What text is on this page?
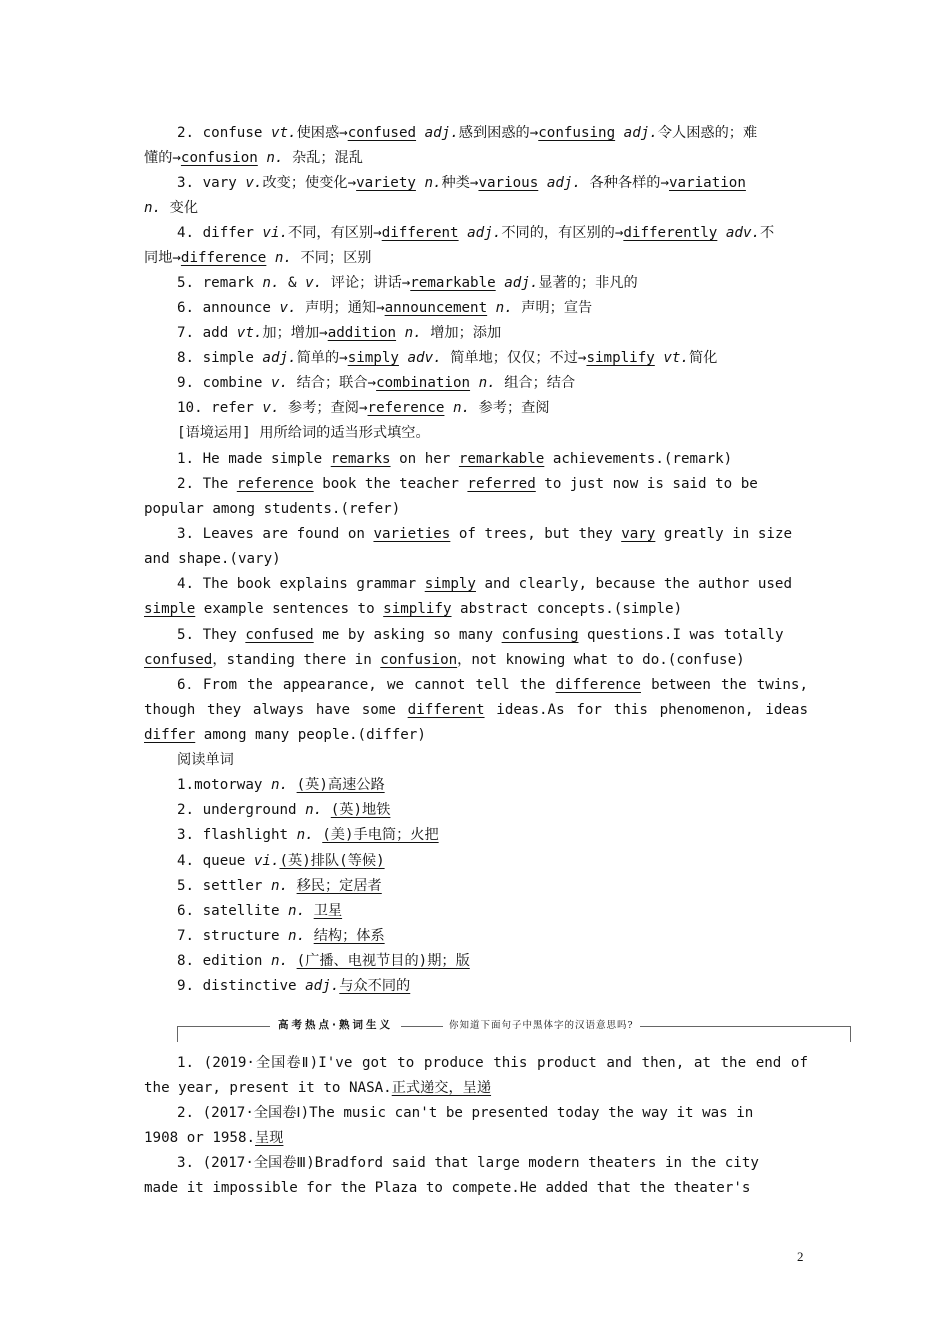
2. confuse vt.使困惑→confused adj.感到困惑的→confusing adj.令人困惑的；难
懂的→confusion n. 杂乱；混乱
3. vary v.改变；使变化→variety n.种类→various adj. 各种各样的→variation
n. 变化
4. differ vi.不同，有区别→different adj.不同的，有区别的→differently adv.不
同地→difference n. 不同；区别
5. remark n. & v. 评论；讲话→remarkable adj.显著的；非凡的
6. announce v. 声明；通知→announcement n. 声明；宣告
7. add vt.加；增加→addition n. 增加；添加
8. simple adj.简单的→simply adv. 简单地；仅仅；不过→simplify vt.简化
9. combine v. 结合；联合→combination n. 组合；结合
10. refer v. 参考；查阅→reference n. 参考；查阅
[语境运用] 用所给词的适当形式填空。
1. He made simple remarks on her remarkable achievements.(remark)
2. The reference book the teacher referred to just now is said to be
popular among students.(refer)
3. Leaves are found on varieties of trees, but they vary greatly in size
and shape.(vary)
4. The book explains grammar simply and clearly, because the author used
simple example sentences to simplify abstract concepts.(simple)
5. They confused me by asking so many confusing questions.I was totally
confused，standing there in confusion，not knowing what to do.(confuse)
6．From the appearance, we cannot tell the difference between the twins,
though they always have some different ideas.As for this phenomenon, ideas
differ among many people.(differ)
阅读单词
1.motorway n. (英)高速公路
2. underground n. (英)地铁
3. flashlight n. (美)手电筒；火把
4. queue vi.(英)排队(等候)
5. settler n. 移民；定居者
6. satellite n. 卫星
7. structure n. 结构；体系
8. edition n. (广播、电视节目的)期；版
9. distinctive adj.与众不同的
1. (2019·全国卷Ⅱ)I've got to produce this product and then, at the end of
the year, present it to NASA.正式递交，呈递
2. (2017·全国卷Ⅰ)The music can't be presented today the way it was in
1908 or 1958.呈现
3. (2017·全国卷Ⅲ)Bradford said that large modern theaters in the city
made it impossible for the Plaza to compete.He added that the theater's
高考热点·熟词生义	你知道下面句子中黑体字的汉语意思吗?
2
